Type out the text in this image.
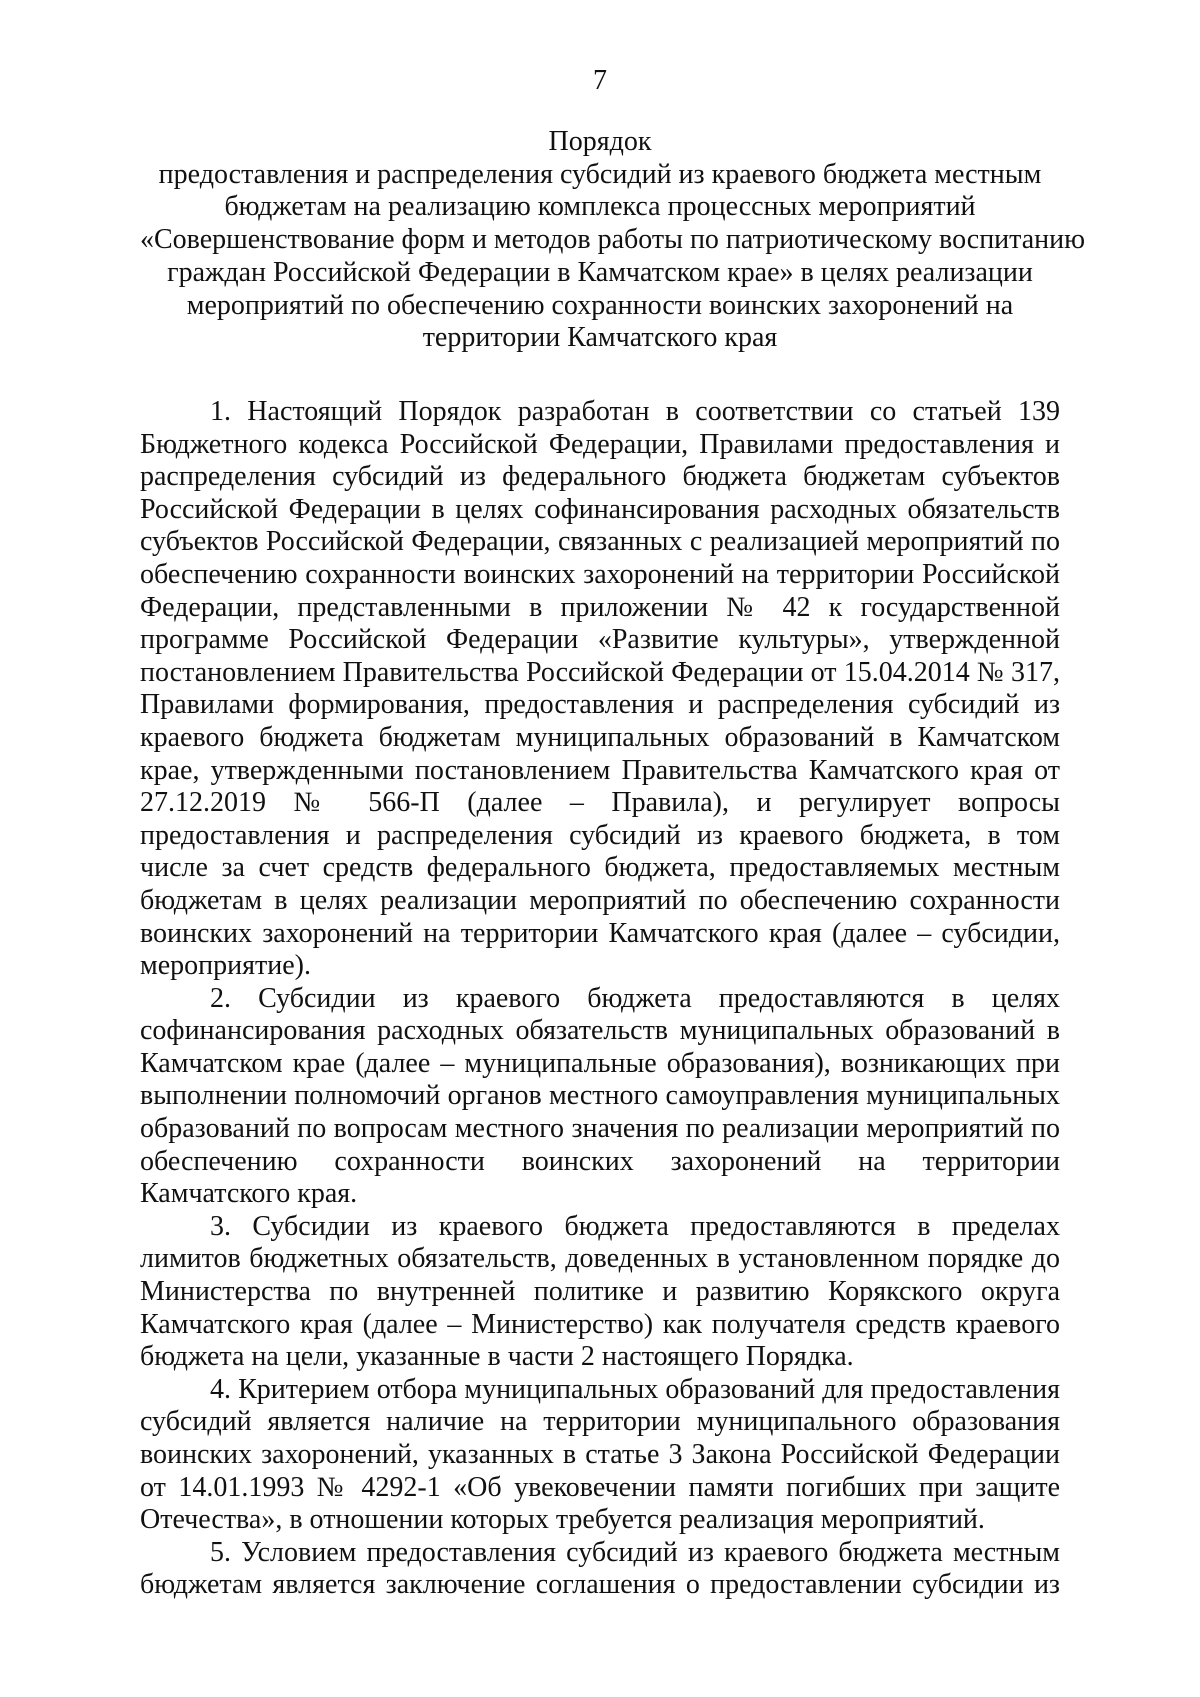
7
Порядок
предоставления и распределения субсидий из краевого бюджета местным
бюджетам на реализацию комплекса процессных мероприятий
«Совершенствование форм и методов работы по патриотическому воспитанию
граждан Российской Федерации в Камчатском крае» в целях реализации
мероприятий по обеспечению сохранности воинских захоронений на
территории Камчатского края

1. Настоящий Порядок разработан в соответствии со статьей 139 Бюджетного кодекса Российской Федерации, Правилами предоставления и распределения субсидий из федерального бюджета бюджетам субъектов Российской Федерации в целях софинансирования расходных обязательств субъектов Российской Федерации, связанных с реализацией мероприятий по обеспечению сохранности воинских захоронений на территории Российской Федерации, представленными в приложении № 42 к государственной программе Российской Федерации «Развитие культуры», утвержденной постановлением Правительства Российской Федерации от 15.04.2014 № 317, Правилами формирования, предоставления и распределения субсидий из краевого бюджета бюджетам муниципальных образований в Камчатском крае, утвержденными постановлением Правительства Камчатского края от 27.12.2019 № 566-П (далее – Правила), и регулирует вопросы предоставления и распределения субсидий из краевого бюджета, в том числе за счет средств федерального бюджета, предоставляемых местным бюджетам в целях реализации мероприятий по обеспечению сохранности воинских захоронений на территории Камчатского края (далее – субсидии, мероприятие).

2. Субсидии из краевого бюджета предоставляются в целях софинансирования расходных обязательств муниципальных образований в Камчатском крае (далее – муниципальные образования), возникающих при выполнении полномочий органов местного самоуправления муниципальных образований по вопросам местного значения по реализации мероприятий по обеспечению сохранности воинских захоронений на территории Камчатского края.

3. Субсидии из краевого бюджета предоставляются в пределах лимитов бюджетных обязательств, доведенных в установленном порядке до Министерства по внутренней политике и развитию Корякского округа Камчатского края (далее – Министерство) как получателя средств краевого бюджета на цели, указанные в части 2 настоящего Порядка.

4. Критерием отбора муниципальных образований для предоставления субсидий является наличие на территории муниципального образования воинских захоронений, указанных в статье 3 Закона Российской Федерации от 14.01.1993 № 4292-1 «Об увековечении памяти погибших при защите Отечества», в отношении которых требуется реализация мероприятий.

5. Условием предоставления субсидий из краевого бюджета местным бюджетам является заключение соглашения о предоставлении субсидии из
